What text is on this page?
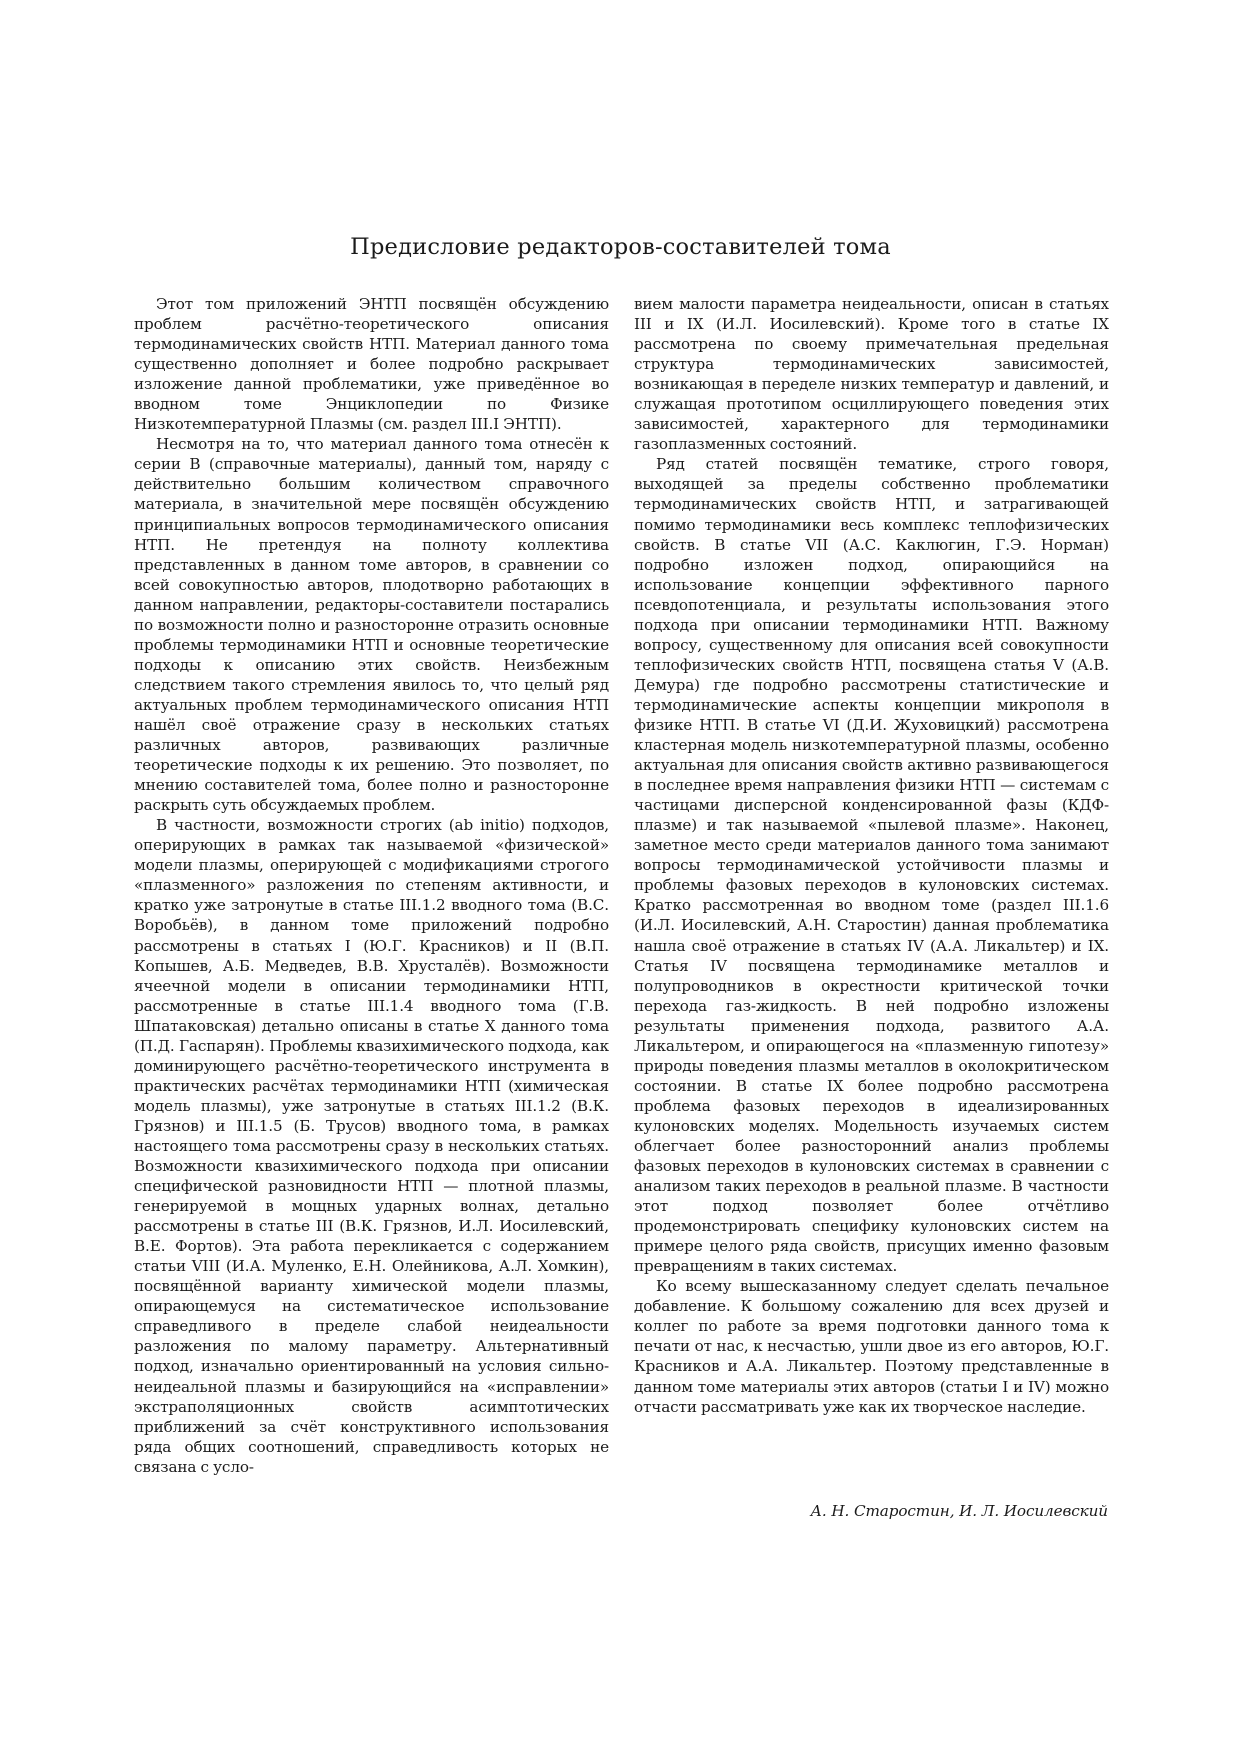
Предисловие редакторов-составителей тома

Этот том приложений ЭНТП посвящён обсуждению проблем расчётно-теоретического описания термодинамических свойств НТП. Материал данного тома существенно дополняет и более подробно раскрывает изложение данной проблематики, уже приведённое во вводном томе Энциклопедии по Физике Низкотемпературной Плазмы (см. раздел III.I ЭНТП).

Несмотря на то, что материал данного тома отнесён к серии В (справочные материалы), данный том, наряду с действительно большим количеством справочного материала, в значительной мере посвящён обсуждению принципиальных вопросов термодинамического описания НТП. Не претендуя на полноту коллектива представленных в данном томе авторов, в сравнении со всей совокупностью авторов, плодотворно работающих в данном направлении, редакторы-составители постарались по возможности полно и разносторонне отразить основные проблемы термодинамики НТП и основные теоретические подходы к описанию этих свойств. Неизбежным следствием такого стремления явилось то, что целый ряд актуальных проблем термодинамического описания НТП нашёл своё отражение сразу в нескольких статьях различных авторов, развивающих различные теоретические подходы к их решению. Это позволяет, по мнению составителей тома, более полно и разносторонне раскрыть суть обсуждаемых проблем.

В частности, возможности строгих (ab initio) подходов, оперирующих в рамках так называемой «физической» модели плазмы, оперирующей с модификациями строгого «плазменного» разложения по степеням активности, и кратко уже затронутые в статье III.1.2 вводного тома (В.С. Воробьёв), в данном томе приложений подробно рассмотрены в статьях I (Ю.Г. Красников) и II (В.П. Копышев, А.Б. Медведев, В.В. Хрусталёв). Возможности ячеечной модели в описании термодинамики НТП, рассмотренные в статье III.1.4 вводного тома (Г.В. Шпатаковская) детально описаны в статье X данного тома (П.Д. Гаспарян). Проблемы квазихимического подхода, как доминирующего расчётно-теоретического инструмента в практических расчётах термодинамики НТП (химическая модель плазмы), уже затронутые в статьях III.1.2 (В.К. Грязнов) и III.1.5 (Б. Трусов) вводного тома, в рамках настоящего тома рассмотрены сразу в нескольких статьях. Возможности квазихимического подхода при описании специфической разновидности НТП — плотной плазмы, генерируемой в мощных ударных волнах, детально рассмотрены в статье III (В.К. Грязнов, И.Л. Иосилевский, В.Е. Фортов). Эта работа перекликается с содержанием статьи VIII (И.А. Муленко, Е.Н. Олейникова, А.Л. Хомкин), посвящённой варианту химической модели плазмы, опирающемуся на систематическое использование справедливого в пределе слабой неидеальности разложения по малому параметру. Альтернативный подход, изначально ориентированный на условия сильно-неидеальной плазмы и базирующийся на «исправлении» экстраполяционных свойств асимптотических приближений за счёт конструктивного использования ряда общих соотношений, справедливость которых не связана с усло-

вием малости параметра неидеальности, описан в статьях III и IX (И.Л. Иосилевский). Кроме того в статье IX рассмотрена по своему примечательная предельная структура термодинамических зависимостей, возникающая в переделе низких температур и давлений, и служащая прототипом осциллирующего поведения этих зависимостей, характерного для термодинамики газоплазменных состояний.

Ряд статей посвящён тематике, строго говоря, выходящей за пределы собственно проблематики термодинамических свойств НТП, и затрагивающей помимо термодинамики весь комплекс теплофизических свойств. В статье VII (А.С. Каклюгин, Г.Э. Норман) подробно изложен подход, опирающийся на использование концепции эффективного парного псевдопотенциала, и результаты использования этого подхода при описании термодинамики НТП. Важному вопросу, существенному для описания всей совокупности теплофизических свойств НТП, посвящена статья V (А.В. Демура) где подробно рассмотрены статистические и термодинамические аспекты концепции микрополя в физике НТП. В статье VI (Д.И. Жуховицкий) рассмотрена кластерная модель низкотемпературной плазмы, особенно актуальная для описания свойств активно развивающегося в последнее время направления физики НТП — системам с частицами дисперсной конденсированной фазы (КДФ-плазме) и так называемой «пылевой плазме». Наконец, заметное место среди материалов данного тома занимают вопросы термодинамической устойчивости плазмы и проблемы фазовых переходов в кулоновских системах. Кратко рассмотренная во вводном томе (раздел III.1.6 (И.Л. Иосилевский, А.Н. Старостин) данная проблематика нашла своё отражение в статьях IV (А.А. Ликальтер) и IX. Статья IV посвящена термодинамике металлов и полупроводников в окрестности критической точки перехода газ-жидкость. В ней подробно изложены результаты применения подхода, развитого А.А. Ликальтером, и опирающегося на «плазменную гипотезу» природы поведения плазмы металлов в околокритическом состоянии. В статье IX более подробно рассмотрена проблема фазовых переходов в идеализированных кулоновских моделях. Модельность изучаемых систем облегчает более разносторонний анализ проблемы фазовых переходов в кулоновских системах в сравнении с анализом таких переходов в реальной плазме. В частности этот подход позволяет более отчётливо продемонстрировать специфику кулоновских систем на примере целого ряда свойств, присущих именно фазовым превращениям в таких системах.

Ко всему вышесказанному следует сделать печальное добавление. К большому сожалению для всех друзей и коллег по работе за время подготовки данного тома к печати от нас, к несчастью, ушли двое из его авторов, Ю.Г. Красников и А.А. Ликальтер. Поэтому представленные в данном томе материалы этих авторов (статьи I и IV) можно отчасти рассматривать уже как их творческое наследие.

А. Н. Старостин, И. Л. Иосилевский
